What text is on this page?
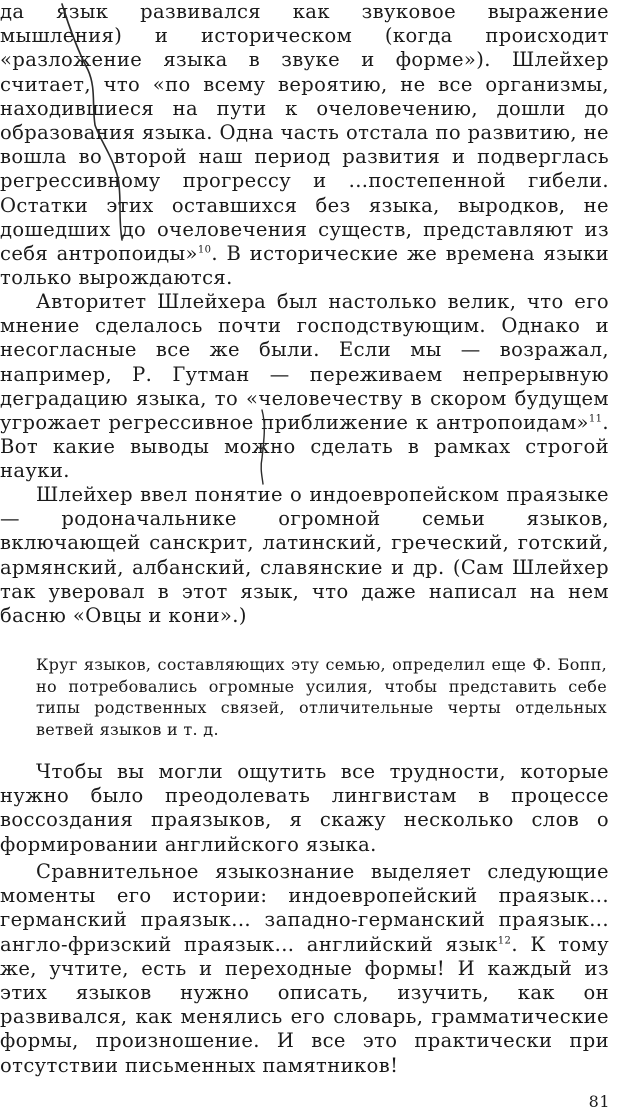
да язык развивался как звуковое выражение мышления) и историческом (когда происходит «разложение языка в звуке и форме»). Шлейхер считает, что «по всему вероятию, не все организмы, находившиеся на пути к очеловечению, дошли до образования языка. Одна часть отстала по развитию, не вошла во второй наш период развития и подверглась регрессивному прогрессу и ...постепенной гибели. Остатки этих оставшихся без языка, выродков, не дошедших до очеловечения существ, представляют из себя антропоиды»$^{10}$. В исторические же времена языки только вырождаются.

Авторитет Шлейхера был настолько велик, что его мнение сделалось почти господствующим. Однако и несогласные все же были. Если мы — возражал, например, Р. Гутман — переживаем непрерывную деградацию языка, то «человечеству в скором будущем угрожает регрессивное приближение к антропоидам»$^{11}$. Вот какие выводы можно сделать в рамках строгой науки.

Шлейхер ввел понятие о индоевропейском праязыке — родоначальнике огромной семьи языков, включающей санскрит, латинский, греческий, готский, армянский, албанский, славянские и др. (Сам Шлейхер так уверовал в этот язык, что даже написал на нем басню «Овцы и кони».)

Круг языков, составляющих эту семью, определил еще Ф. Бопп, но потребовались огромные усилия, чтобы представить себе типы родственных связей, отличительные черты отдельных ветвей языков и т. д.

Чтобы вы могли ощутить все трудности, которые нужно было преодолевать лингвистам в процессе воссоздания праязыков, я скажу несколько слов о формировании английского языка.

Сравнительное языкознание выделяет следующие моменты его истории: индоевропейский праязык... германский праязык... западно-германский праязык... англо-фризский праязык... английский язык$^{12}$. К тому же, учтите, есть и переходные формы! И каждый из этих языков нужно описать, изучить, как он развивался, как менялись его словарь, грамматические формы, произношение. И все это практически при отсутствии письменных памятников!

81
